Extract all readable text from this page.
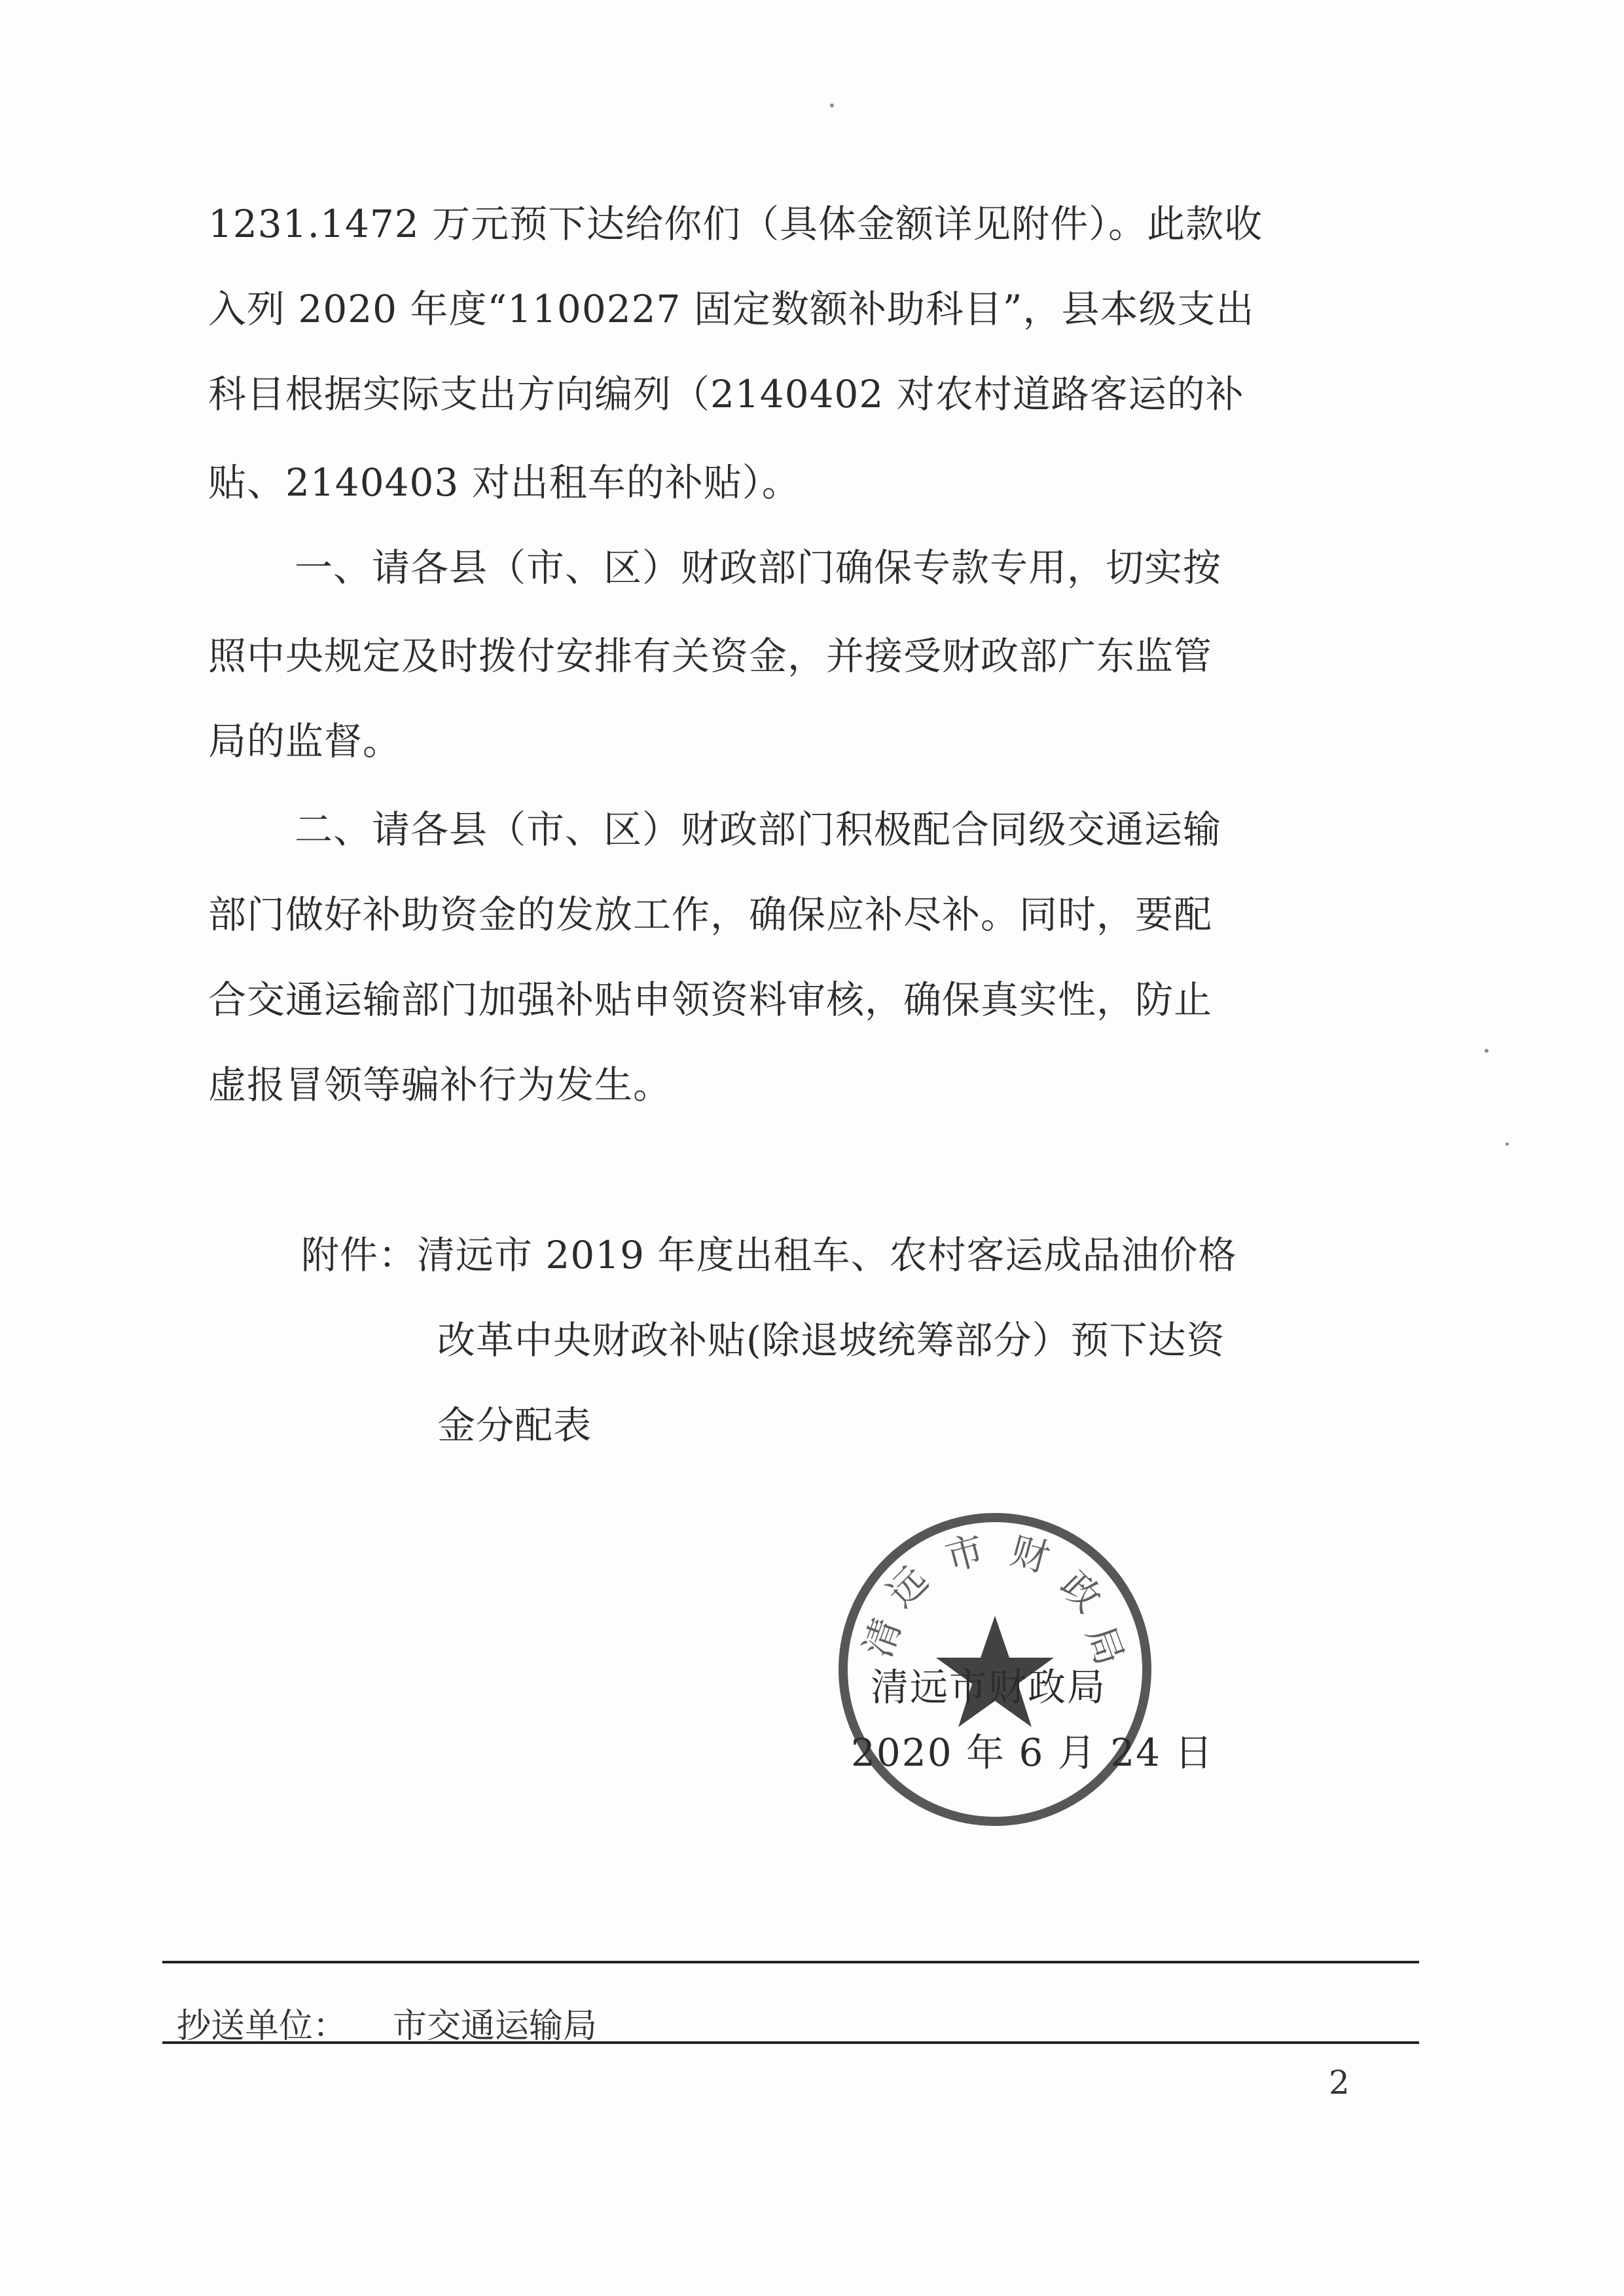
1231.1472 万元预下达给你们（具体金额详见附件）。此款收

入列 2020 年度“1100227 固定数额补助科目”，县本级支出

科目根据实际支出方向编列（2140402 对农村道路客运的补

贴、2140403 对出租车的补贴）。

一、请各县（市、区）财政部门确保专款专用，切实按

照中央规定及时拨付安排有关资金，并接受财政部广东监管

局的监督。

二、请各县（市、区）财政部门积极配合同级交通运输

部门做好补助资金的发放工作，确保应补尽补。同时，要配

合交通运输部门加强补贴申领资料审核，确保真实性，防止

虚报冒领等骗补行为发生。

附件：清远市 2019 年度出租车、农村客运成品油价格

改革中央财政补贴(除退坡统筹部分）预下达资

金分配表

清
远
市 财
政
局
清远市财政局
2020 年 6 月 24 日
抄送单位： 市交通运输局
2
